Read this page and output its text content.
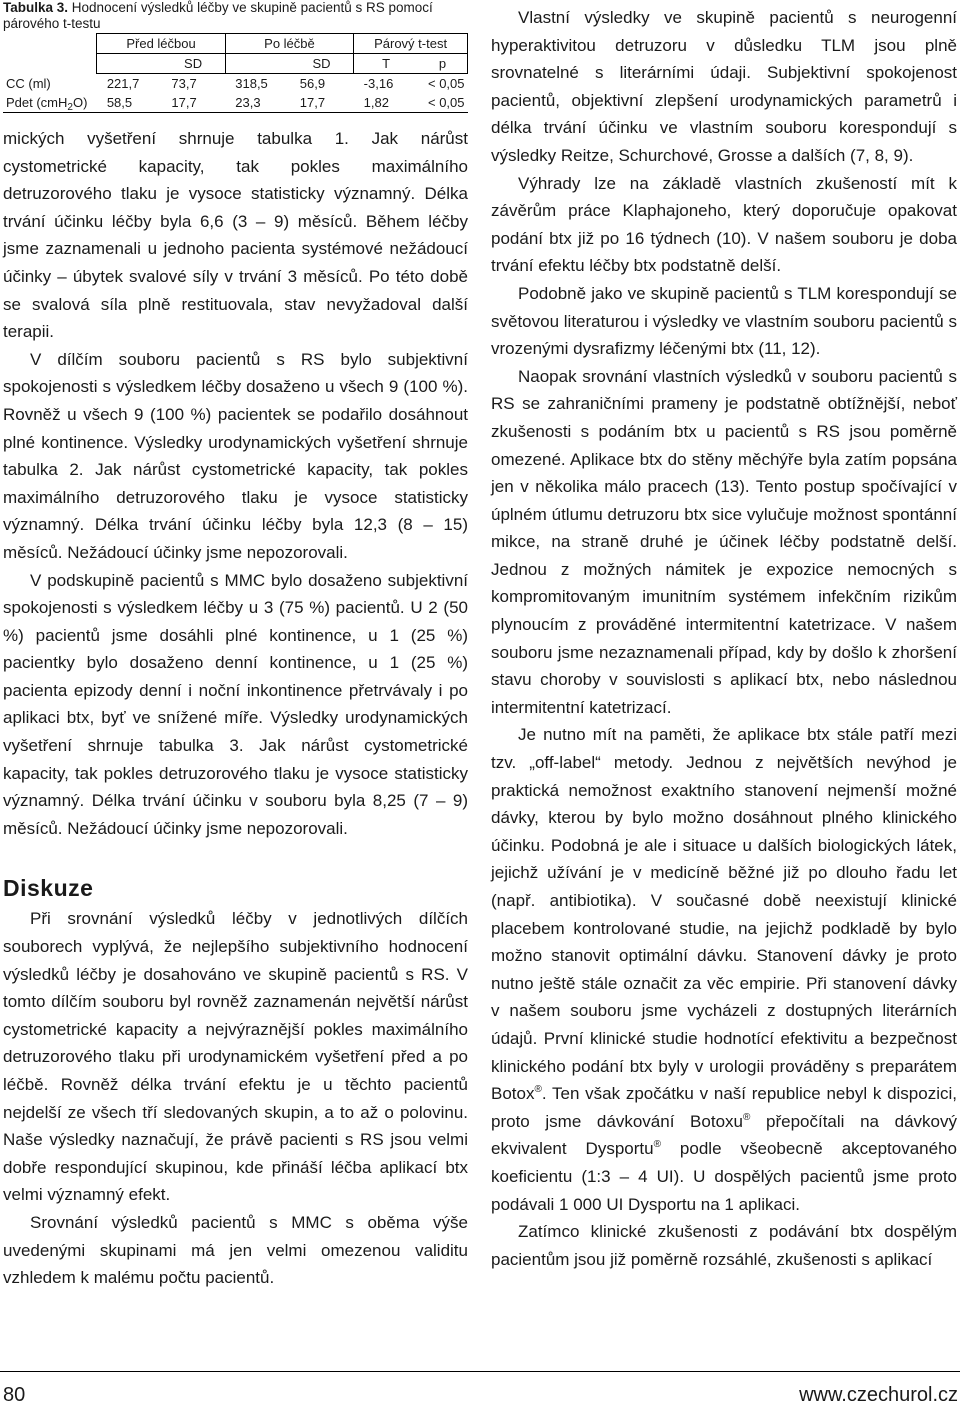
Tabulka 3. Hodnocení výsledků léčby ve skupině pacientů s RS pomocí párového t-testu
	Před léčbou		Po léčbě		Párový t-test	
		SD		SD	T	p
CC (ml)	221,7	73,7	318,5	56,9	-3,16	< 0,05
Pdet (cmH$_2$O)	58,5	17,7	23,3	17,7	1,82	< 0,05

mických vyšetření shrnuje tabulka 1. Jak nárůst cystometrické kapacity, tak pokles maximálního detruzorového tlaku je vysoce statisticky významný. Délka trvání účinku léčby byla 6,6 (3 – 9) měsíců. Během léčby jsme zaznamenali u jednoho pacienta systémové nežádoucí účinky – úbytek svalové síly v trvání 3 měsíců. Po této době se svalová síla plně restituovala, stav nevyžadoval další terapii.

V dílčím souboru pacientů s RS bylo subjektivní spokojenosti s výsledkem léčby dosaženo u všech 9 (100 %). Rovněž u všech 9 (100 %) pacientek se podařilo dosáhnout plné kontinence. Výsledky urodynamických vyšetření shrnuje tabulka 2. Jak nárůst cystometrické kapacity, tak pokles maximálního detruzorového tlaku je vysoce statisticky významný. Délka trvání účinku léčby byla 12,3 (8 – 15) měsíců. Nežádoucí účinky jsme nepozorovali.

V podskupině pacientů s MMC bylo dosaženo subjektivní spokojenosti s výsledkem léčby u 3 (75 %) pacientů. U 2 (50 %) pacientů jsme dosáhli plné kontinence, u 1 (25 %) pacientky bylo dosaženo denní kontinence, u 1 (25 %) pacienta epizody denní i noční inkontinence přetrvávaly i po aplikaci btx, byť ve snížené míře. Výsledky urodynamických vyšetření shrnuje tabulka 3. Jak nárůst cystometrické kapacity, tak pokles detruzorového tlaku je vysoce statisticky významný. Délka trvání účinku v souboru byla 8,25 (7 – 9) měsíců. Nežádoucí účinky jsme nepozorovali.

Diskuze

Při srovnání výsledků léčby v jednotlivých dílčích souborech vyplývá, že nejlepšího subjektivního hodnocení výsledků léčby je dosahováno ve skupině pacientů s RS. V tomto dílčím souboru byl rovněž zaznamenán největší nárůst cystometrické kapacity a nejvýraznější pokles maximálního detruzorového tlaku při urodynamickém vyšetření před a po léčbě. Rovněž délka trvání efektu je u těchto pacientů nejdelší ze všech tří sledovaných skupin, a to až o polovinu. Naše výsledky naznačují, že právě pacienti s RS jsou velmi dobře respondující skupinou, kde přináší léčba aplikací btx velmi významný efekt.

Srovnání výsledků pacientů s MMC s oběma výše uvedenými skupinami má jen velmi omezenou validitu vzhledem k malému počtu pacientů.

Vlastní výsledky ve skupině pacientů s neurogenní hyperaktivitou detruzoru v důsledku TLM jsou plně srovnatelné s literárními údaji. Subjektivní spokojenost pacientů, objektivní zlepšení urodynamických parametrů i délka trvání účinku ve vlastním souboru korespondují s výsledky Reitze, Schurchové, Grosse a dalších (7, 8, 9).

Výhrady lze na základě vlastních zkušeností mít k závěrům práce Klaphajoneho, který doporučuje opakovat podání btx již po 16 týdnech (10). V našem souboru je doba trvání efektu léčby btx podstatně delší.

Podobně jako ve skupině pacientů s TLM korespondují se světovou literaturou i výsledky ve vlastním souboru pacientů s vrozenými dysrafizmy léčenými btx (11, 12).

Naopak srovnání vlastních výsledků v souboru pacientů s RS se zahraničními prameny je podstatně obtížnější, neboť zkušenosti s podáním btx u pacientů s RS jsou poměrně omezené. Aplikace btx do stěny měchýře byla zatím popsána jen v několika málo pracech (13). Tento postup spočívající v úplném útlumu detruzoru btx sice vylučuje možnost spontánní mikce, na straně druhé je účinek léčby podstatně delší. Jednou z možných námitek je expozice nemocných s kompromitovaným imunitním systémem infekčním rizikům plynoucím z prováděné intermitentní katetrizace. V našem souboru jsme nezaznamenali případ, kdy by došlo k zhoršení stavu choroby v souvislosti s aplikací btx, nebo následnou intermitentní katetrizací.

Je nutno mít na paměti, že aplikace btx stále patří mezi tzv. „off-label“ metody. Jednou z největších nevýhod je praktická nemožnost exaktního stanovení nejmenší možné dávky, kterou by bylo možno dosáhnout plného klinického účinku. Podobná je ale i situace u dalších biologických látek, jejichž užívání je v medicíně běžné již po dlouho řadu let (např. antibiotika). V současné době neexistují klinické placebem kontrolované studie, na jejichž podkladě by bylo možno stanovit optimální dávku. Stanovení dávky je proto nutno ještě stále označit za věc empirie. Při stanovení dávky v našem souboru jsme vycházeli z dostupných literárních údajů. První klinické studie hodnotící efektivitu a bezpečnost klinického podání btx byly v urologii prováděny s preparátem Botox®. Ten však zpočátku v naší republice nebyl k dispozici, proto jsme dávkování Botoxu® přepočítali na dávkový ekvivalent Dysportu® podle všeobecně akceptovaného koeficientu (1:3 – 4 UI). U dospělých pacientů jsme proto podávali 1 000 UI Dysportu na 1 aplikaci.

Zatímco klinické zkušenosti z podávání btx dospělým pacientům jsou již poměrně rozsáhlé, zkušenosti s aplikací

80	www.czechurol.cz
